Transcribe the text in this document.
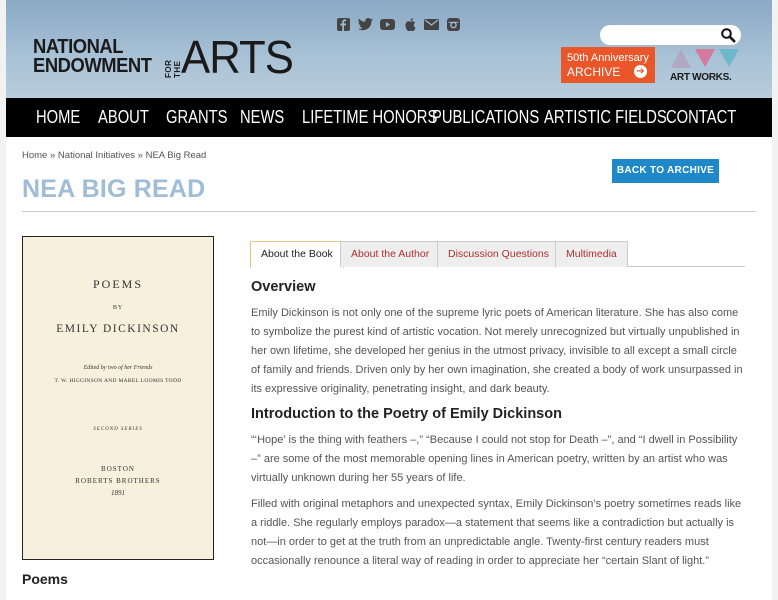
NATIONAL
ENDOWMENT FOR THE ARTS	50th Anniversary
ARCHIVE	➔
ART WORKS.
HOME ABOUT GRANTS NEWS LIFETIME HONORS
PUBLICATIONS ARTISTIC FIELDS CONTACT
Home » National Initiatives » NEA Big Read
BACK TO ARCHIVE
NEA BIG READ
POEMS
BY
EMILY DICKINSON
Edited by two of her Friends
T. W. HIGGINSON AND MABEL LOOMIS TODD
SECOND SERIES
BOSTON
ROBERTS BROTHERS
1891
Poems
About the Book	About the Author	Discussion Questions	Multimedia
Overview

Emily Dickinson is not only one of the supreme lyric poets of American literature. She has also come to symbolize the purest kind of artistic vocation. Not merely unrecognized but virtually unpublished in her own lifetime, she developed her genius in the utmost privacy, invisible to all except a small circle of family and friends. Driven only by her own imagination, she created a body of work unsurpassed in its expressive originality, penetrating insight, and dark beauty.

Introduction to the Poetry of Emily Dickinson

“‘Hope’ is the thing with feathers –,” “Because I could not stop for Death –”, and “I dwell in Possibility –” are some of the most memorable opening lines in American poetry, written by an artist who was virtually unknown during her 55 years of life.

Filled with original metaphors and unexpected syntax, Emily Dickinson’s poetry sometimes reads like a riddle. She regularly employs paradox—a statement that seems like a contradiction but actually is not—in order to get at the truth from an unpredictable angle. Twenty-first century readers must occasionally renounce a literal way of reading in order to appreciate her “certain Slant of light.”
